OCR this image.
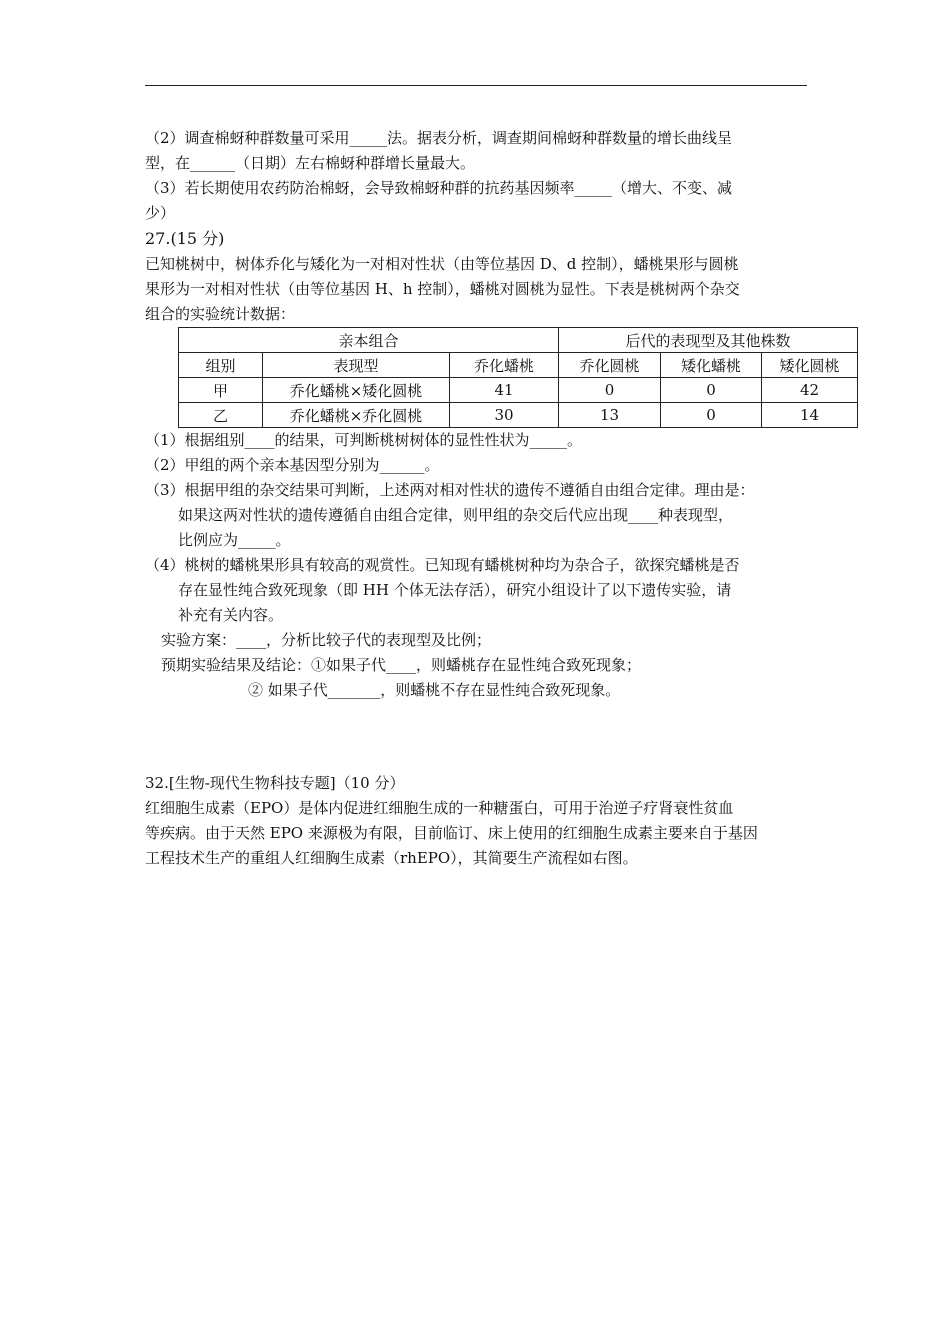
（2）调查棉蚜种群数量可采用_____法。据表分析，调查期间棉蚜种群数量的增长曲线呈
型，在______（日期）左右棉蚜种群增长量最大。
（3）若长期使用农药防治棉蚜，会导致棉蚜种群的抗药基因频率_____（增大、不变、减
少）
27.(15 分)
已知桃树中，树体乔化与矮化为一对相对性状（由等位基因 D、d 控制），蟠桃果形与圆桃
果形为一对相对性状（由等位基因 H、h 控制），蟠桃对圆桃为显性。下表是桃树两个杂交
组合的实验统计数据：
亲本组合			后代的表现型及其他株数		
组别	表现型	乔化蟠桃	乔化圆桃	矮化蟠桃	矮化圆桃
甲	乔化蟠桃×矮化圆桃	41	0	0	42
乙	乔化蟠桃×乔化圆桃	30	13	0	14
（1）根据组别____的结果，可判断桃树树体的显性性状为_____。
（2）甲组的两个亲本基因型分别为______。
（3）根据甲组的杂交结果可判断，上述两对相对性状的遗传不遵循自由组合定律。理由是：
如果这两对性状的遗传遵循自由组合定律，则甲组的杂交后代应出现____种表现型，
比例应为_____。
（4）桃树的蟠桃果形具有较高的观赏性。已知现有蟠桃树种均为杂合子，欲探究蟠桃是否
存在显性纯合致死现象（即 HH 个体无法存活），研究小组设计了以下遗传实验，请
补充有关内容。
实验方案：____，分析比较子代的表现型及比例；
预期实验结果及结论：①如果子代____，则蟠桃存在显性纯合致死现象；
② 如果子代_______，则蟠桃不存在显性纯合致死现象。
32.[生物-现代生物科技专题]（10 分）
红细胞生成素（EPO）是体内促进红细胞生成的一种糖蛋白，可用于治逆子疗肾衰性贫血
等疾病。由于天然 EPO 来源极为有限，目前临订、床上使用的红细胞生成素主要来自于基因
工程技术生产的重组人红细胸生成素（rhEPO），其简要生产流程如右图。
